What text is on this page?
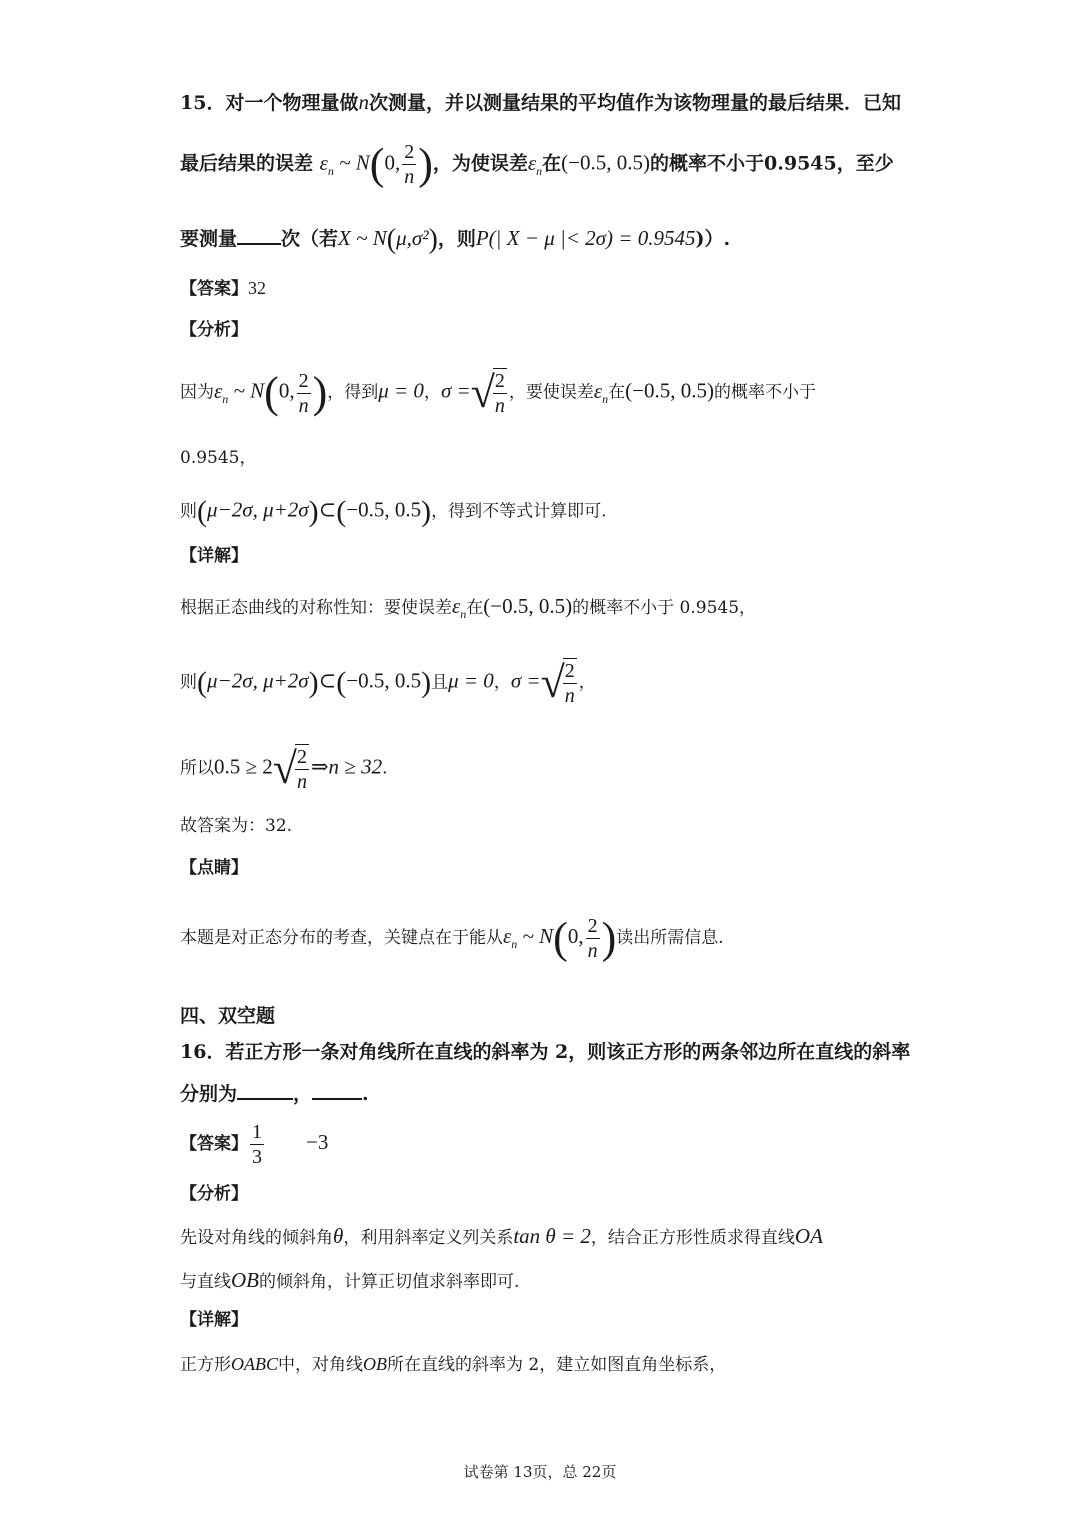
15．对一个物理量做n次测量，并以测量结果的平均值作为该物理量的最后结果．已知
最后结果的误差 $\varepsilon_n$ ~ N(0, $\frac{2}{n}$ )，为使误差$\varepsilon_n$在(−0.5, 0.5)的概率不小于0.9545，至少
要测量 次（若X ~ N(μ,σ²)，则P(| X − μ |< 2σ) = 0.9545)）.
【答案】32
【分析】
因为$\varepsilon_n$ ~ N(0, $\frac{2}{n}$ )，得到μ = 0，σ =√
$\frac{2}{n}$ ，要使误差$\varepsilon_n$在(−0.5, 0.5)的概率不小于
0.9545，
则(μ−2σ, μ+2σ)⊂(−0.5, 0.5)，得到不等式计算即可.
【详解】
根据正态曲线的对称性知：要使误差$\varepsilon_n$在(−0.5, 0.5)的概率不小于 0.9545，
则(μ−2σ, μ+2σ)⊂(−0.5, 0.5)且μ = 0，σ =√
$\frac{2}{n}$ ，
所以0.5 ≥ 2√
$\frac{2}{n}$ ⇒n ≥ 32.
故答案为：32.
【点睛】
本题是对正态分布的考查，关键点在于能从$\varepsilon_n$ ~ N(0, $\frac{2}{n}$ )读出所需信息.
四、双空题
16．若正方形一条对角线所在直线的斜率为 2，则该正方形的两条邻边所在直线的斜率
分别为	，	.
【答案】 $\frac{1}{3} -3$
【分析】
先设对角线的倾斜角θ，利用斜率定义列关系tan θ = 2，结合正方形性质求得直线OA
与直线OB的倾斜角，计算正切值求斜率即可.
【详解】
正方形OABC中，对角线OB所在直线的斜率为 2，建立如图直角坐标系，
试卷第 13页，总 22页
